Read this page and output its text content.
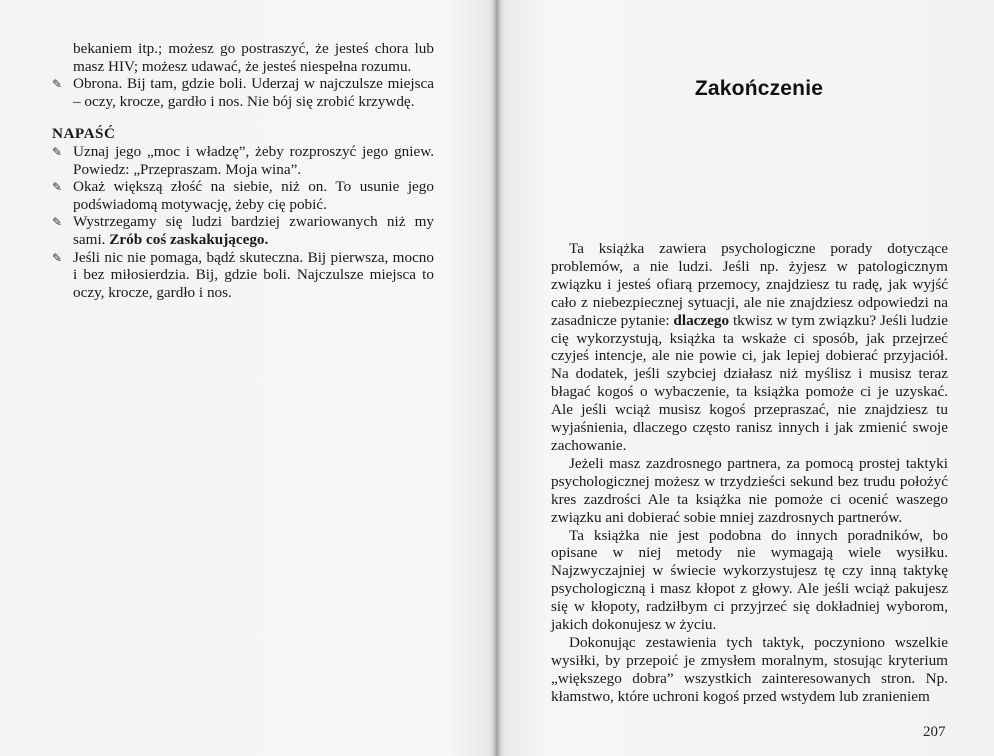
bekaniem itp.; możesz go postraszyć, że jesteś chora lub masz HIV; możesz udawać, że jesteś niespełna rozumu.

✎ Obrona. Bij tam, gdzie boli. Uderzaj w najczulsze miejsca – oczy, krocze, gardło i nos. Nie bój się zrobić krzywdę.
NAPAŚĆ
✎ Uznaj jego „moc i władzę”, żeby rozproszyć jego gniew. Powiedz: „Przepraszam. Moja wina”.
✎ Okaż większą złość na siebie, niż on. To usunie jego podświadomą motywację, żeby cię pobić.
✎ Wystrzegamy się ludzi bardziej zwariowanych niż my sami. Zrób coś zaskakującego.
✎ Jeśli nic nie pomaga, bądź skuteczna. Bij pierwsza, mocno i bez miłosierdzia. Bij, gdzie boli. Najczulsze miejsca to oczy, krocze, gardło i nos.
Zakończenie

Ta książka zawiera psychologiczne porady dotyczące problemów, a nie ludzi. Jeśli np. żyjesz w patologicznym związku i jesteś ofiarą przemocy, znajdziesz tu radę, jak wyjść cało z niebezpiecznej sytuacji, ale nie znajdziesz odpowiedzi na zasadnicze pytanie: dlaczego tkwisz w tym związku? Jeśli ludzie cię wykorzystują, książka ta wskaże ci sposób, jak przejrzeć czyjeś intencje, ale nie powie ci, jak lepiej dobierać przyjaciół. Na dodatek, jeśli szybciej działasz niż myślisz i musisz teraz błagać kogoś o wybaczenie, ta książka pomoże ci je uzyskać. Ale jeśli wciąż musisz kogoś przepraszać, nie znajdziesz tu wyjaśnienia, dlaczego często ranisz innych i jak zmienić swoje zachowanie.

Jeżeli masz zazdrosnego partnera, za pomocą prostej taktyki psychologicznej możesz w trzydzieści sekund bez trudu położyć kres zazdrości Ale ta książka nie pomoże ci ocenić waszego związku ani dobierać sobie mniej zazdrosnych partnerów.

Ta książka nie jest podobna do innych poradników, bo opisane w niej metody nie wymagają wiele wysiłku. Najzwyczajniej w świecie wykorzystujesz tę czy inną taktykę psychologiczną i masz kłopot z głowy. Ale jeśli wciąż pakujesz się w kłopoty, radziłbym ci przyjrzeć się dokładniej wyborom, jakich dokonujesz w życiu.

Dokonując zestawienia tych taktyk, poczyniono wszelkie wysiłki, by przepoić je zmysłem moralnym, stosując kryterium „większego dobra” wszystkich zainteresowanych stron. Np. kłamstwo, które uchroni kogoś przed wstydem lub zranieniem

207
